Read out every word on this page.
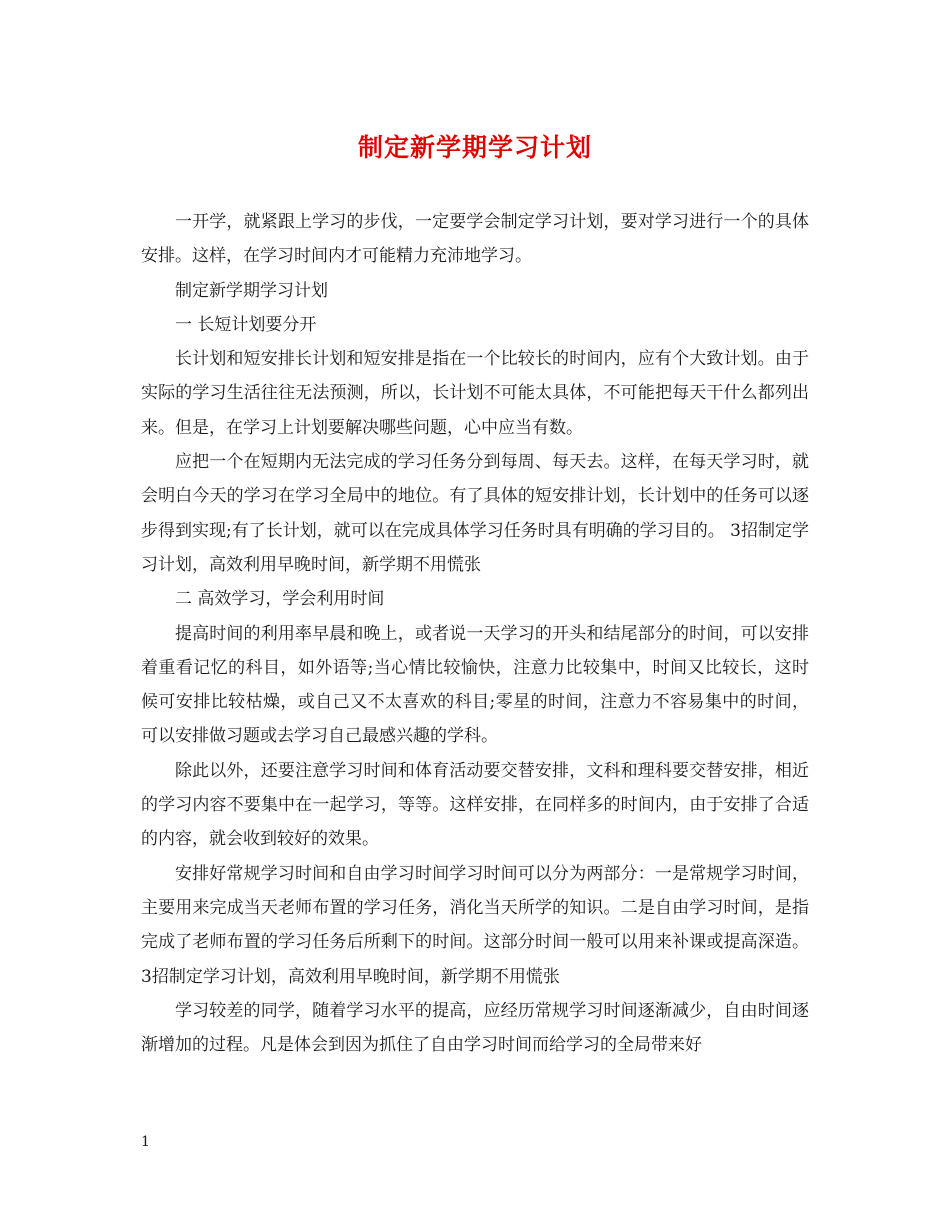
制定新学期学习计划

一开学，就紧跟上学习的步伐，一定要学会制定学习计划，要对学习进行一个的具体安排。这样，在学习时间内才可能精力充沛地学习。

制定新学期学习计划

一 长短计划要分开

长计划和短安排长计划和短安排是指在一个比较长的时间内，应有个大致计划。由于实际的学习生活往往无法预测，所以，长计划不可能太具体，不可能把每天干什么都列出来。但是，在学习上计划要解决哪些问题，心中应当有数。

应把一个在短期内无法完成的学习任务分到每周、每天去。这样，在每天学习时，就会明白今天的学习在学习全局中的地位。有了具体的短安排计划，长计划中的任务可以逐步得到实现;有了长计划，就可以在完成具体学习任务时具有明确的学习目的。 3招制定学习计划，高效利用早晚时间，新学期不用慌张

二 高效学习，学会利用时间

提高时间的利用率早晨和晚上，或者说一天学习的开头和结尾部分的时间，可以安排着重看记忆的科目，如外语等;当心情比较愉快，注意力比较集中，时间又比较长，这时候可安排比较枯燥，或自己又不太喜欢的科目;零星的时间，注意力不容易集中的时间，可以安排做习题或去学习自己最感兴趣的学科。

除此以外，还要注意学习时间和体育活动要交替安排，文科和理科要交替安排，相近的学习内容不要集中在一起学习，等等。这样安排，在同样多的时间内，由于安排了合适的内容，就会收到较好的效果。

安排好常规学习时间和自由学习时间学习时间可以分为两部分：一是常规学习时间，主要用来完成当天老师布置的学习任务，消化当天所学的知识。二是自由学习时间，是指完成了老师布置的学习任务后所剩下的时间。这部分时间一般可以用来补课或提高深造。3招制定学习计划，高效利用早晚时间，新学期不用慌张

学习较差的同学，随着学习水平的提高，应经历常规学习时间逐渐减少，自由时间逐渐增加的过程。凡是体会到因为抓住了自由学习时间而给学习的全局带来好

1
